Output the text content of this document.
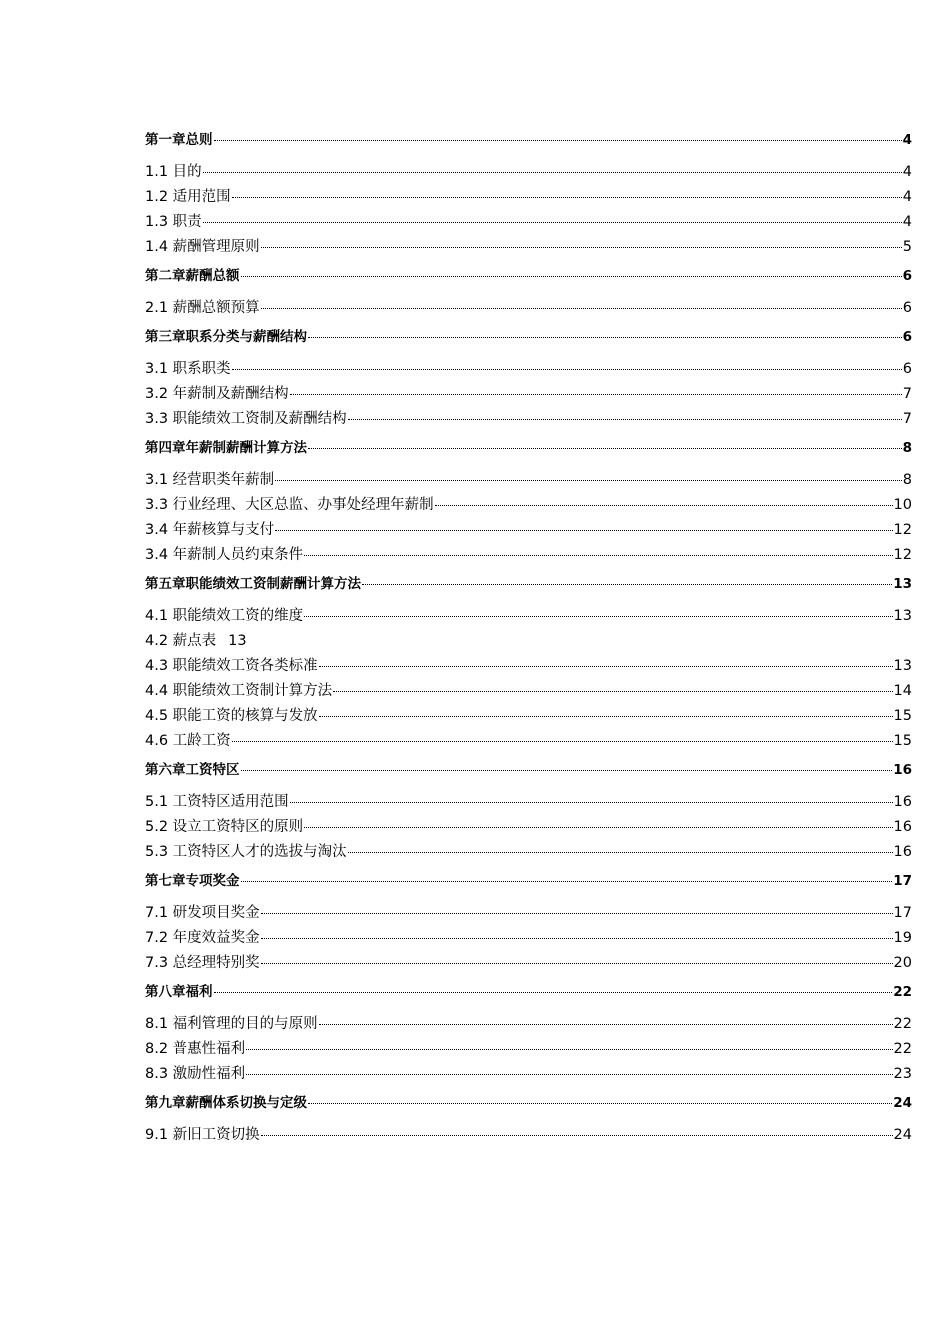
第一章总则	4
1.1 目的	4
1.2 适用范围	4
1.3 职责	4
1.4 薪酬管理原则	5
第二章薪酬总额	6
2.1 薪酬总额预算	6
第三章职系分类与薪酬结构	6
3.1 职系职类	6
3.2 年薪制及薪酬结构	7
3.3 职能绩效工资制及薪酬结构	7
第四章年薪制薪酬计算方法	8
3.1 经营职类年薪制	8
3.3 行业经理、大区总监、办事处经理年薪制	10
3.4 年薪核算与支付	12
3.4 年薪制人员约束条件	12
第五章职能绩效工资制薪酬计算方法	13
4.1 职能绩效工资的维度	13
4.2 薪点表 13
4.3 职能绩效工资各类标准	13
4.4 职能绩效工资制计算方法	14
4.5 职能工资的核算与发放	15
4.6 工龄工资	15
第六章工资特区	16
5.1 工资特区适用范围	16
5.2 设立工资特区的原则	16
5.3 工资特区人才的选拔与淘汰	16
第七章专项奖金	17
7.1 研发项目奖金	17
7.2 年度效益奖金	19
7.3 总经理特别奖	20
第八章福利	22
8.1 福利管理的目的与原则	22
8.2 普惠性福利	22
8.3 激励性福利	23
第九章薪酬体系切换与定级	24
9.1 新旧工资切换	24
